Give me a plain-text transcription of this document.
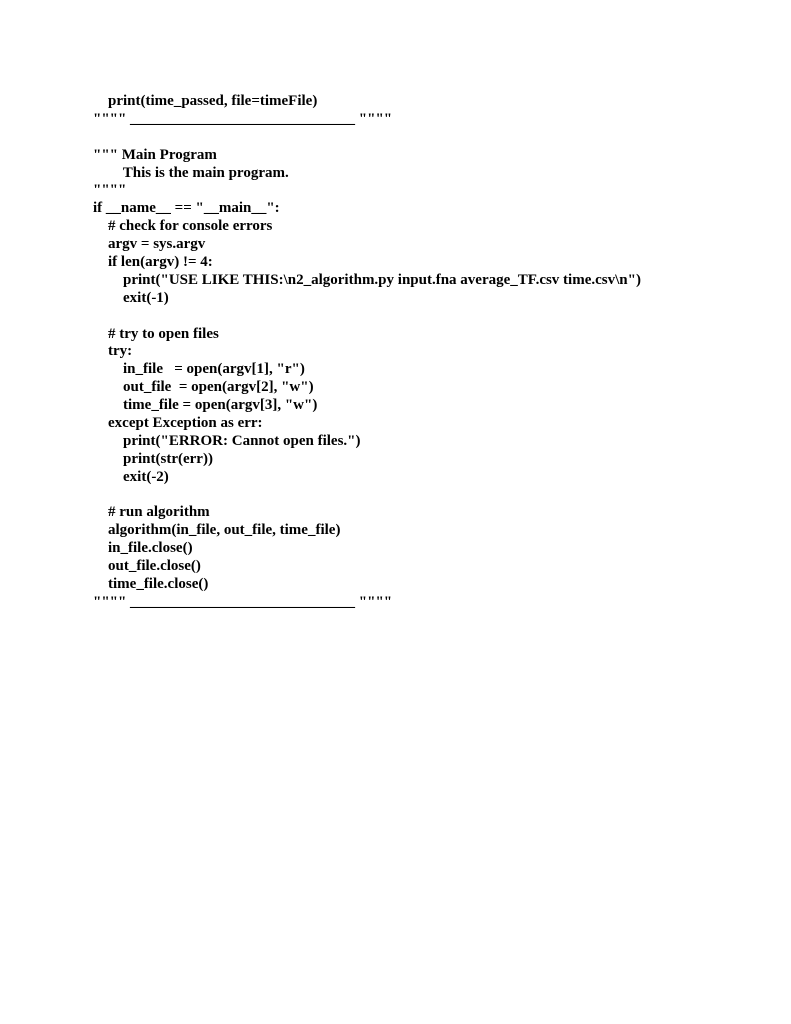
print(time_passed, file=timeFile)
"""" ______________________________ """"
""" Main Program
This is the main program.
""""
if __name__ == "__main__":
# check for console errors
argv = sys.argv
if len(argv) != 4:
print("USE LIKE THIS:\n2_algorithm.py input.fna average_TF.csv time.csv\n")
exit(-1)
# try to open files
try:
in_file   = open(argv[1], "r")
out_file  = open(argv[2], "w")
time_file = open(argv[3], "w")
except Exception as err:
print("ERROR: Cannot open files.")
print(str(err))
exit(-2)
# run algorithm
algorithm(in_file, out_file, time_file)
in_file.close()
out_file.close()
time_file.close()
"""" ______________________________ """"
